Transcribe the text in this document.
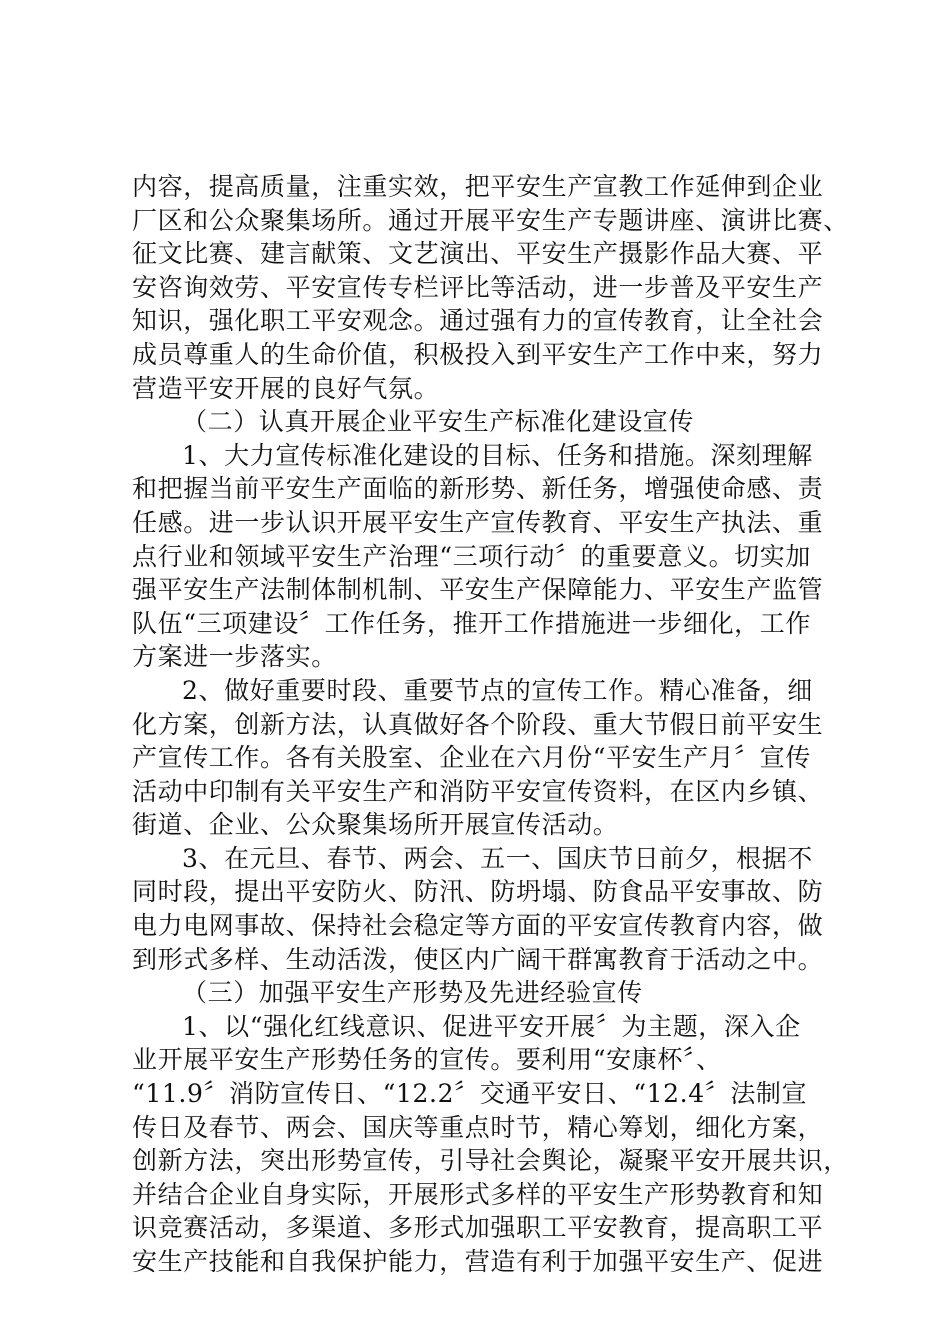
内容，提高质量，注重实效，把平安生产宣教工作延伸到企业
厂区和公众聚集场所。通过开展平安生产专题讲座、演讲比赛、
征文比赛、建言献策、文艺演出、平安生产摄影作品大赛、平
安咨询效劳、平安宣传专栏评比等活动，进一步普及平安生产
知识，强化职工平安观念。通过强有力的宣传教育，让全社会
成员尊重人的生命价值，积极投入到平安生产工作中来，努力
营造平安开展的良好气氛。
（二）认真开展企业平安生产标准化建设宣传
1、大力宣传标准化建设的目标、任务和措施。深刻理解
和把握当前平安生产面临的新形势、新任务，增强使命感、责
任感。进一步认识开展平安生产宣传教育、平安生产执法、重
点行业和领域平安生产治理“三项行动〞的重要意义。切实加
强平安生产法制体制机制、平安生产保障能力、平安生产监管
队伍“三项建设〞工作任务，推开工作措施进一步细化，工作
方案进一步落实。
2、做好重要时段、重要节点的宣传工作。精心准备，细
化方案，创新方法，认真做好各个阶段、重大节假日前平安生
产宣传工作。各有关股室、企业在六月份“平安生产月〞宣传
活动中印制有关平安生产和消防平安宣传资料，在区内乡镇、
街道、企业、公众聚集场所开展宣传活动。
3、在元旦、春节、两会、五一、国庆节日前夕，根据不
同时段，提出平安防火、防汛、防坍塌、防食品平安事故、防
电力电网事故、保持社会稳定等方面的平安宣传教育内容，做
到形式多样、生动活泼，使区内广阔干群寓教育于活动之中。
（三）加强平安生产形势及先进经验宣传
1、以“强化红线意识、促进平安开展〞为主题，深入企
业开展平安生产形势任务的宣传。要利用“安康杯〞、
“11.9〞消防宣传日、“12.2〞交通平安日、“12.4〞法制宣
传日及春节、两会、国庆等重点时节，精心筹划，细化方案，
创新方法，突出形势宣传，引导社会舆论，凝聚平安开展共识，
并结合企业自身实际，开展形式多样的平安生产形势教育和知
识竞赛活动，多渠道、多形式加强职工平安教育，提高职工平
安生产技能和自我保护能力，营造有利于加强平安生产、促进
